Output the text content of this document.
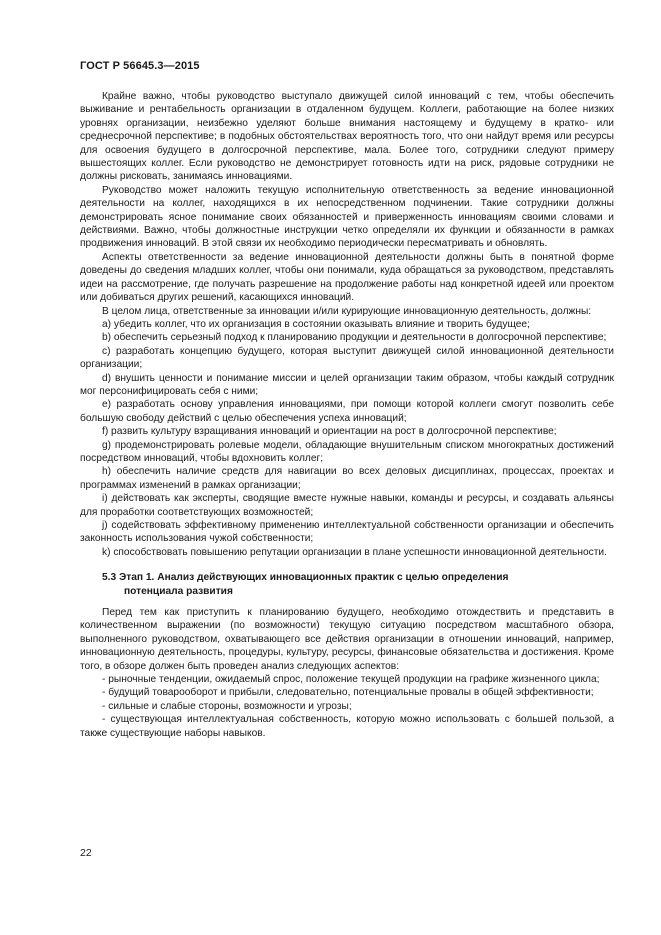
ГОСТ Р 56645.3—2015

Крайне важно, чтобы руководство выступало движущей силой инноваций с тем, чтобы обеспечить выживание и рентабельность организации в отдаленном будущем. Коллеги, работающие на более низких уровнях организации, неизбежно уделяют больше внимания настоящему и будущему в кратко- или среднесрочной перспективе; в подобных обстоятельствах вероятность того, что они найдут время или ресурсы для освоения будущего в долгосрочной перспективе, мала. Более того, сотрудники следуют примеру вышестоящих коллег. Если руководство не демонстрирует готовность идти на риск, рядовые сотрудники не должны рисковать, занимаясь инновациями.

Руководство может наложить текущую исполнительную ответственность за ведение инновационной деятельности на коллег, находящихся в их непосредственном подчинении. Такие сотрудники должны демонстрировать ясное понимание своих обязанностей и приверженность инновациям своими словами и действиями. Важно, чтобы должностные инструкции четко определяли их функции и обязанности в рамках продвижения инноваций. В этой связи их необходимо периодически пересматривать и обновлять.

Аспекты ответственности за ведение инновационной деятельности должны быть в понятной форме доведены до сведения младших коллег, чтобы они понимали, куда обращаться за руководством, представлять идеи на рассмотрение, где получать разрешение на продолжение работы над конкретной идеей или проектом или добиваться других решений, касающихся инноваций.

В целом лица, ответственные за инновации и/или курирующие инновационную деятельность, должны:

a) убедить коллег, что их организация в состоянии оказывать влияние и творить будущее;

b) обеспечить серьезный подход к планированию продукции и деятельности в долгосрочной перспективе;

c) разработать концепцию будущего, которая выступит движущей силой инновационной деятельности организации;

d) внушить ценности и понимание миссии и целей организации таким образом, чтобы каждый сотрудник мог персонифицировать себя с ними;

e) разработать основу управления инновациями, при помощи которой коллеги смогут позволить себе большую свободу действий с целью обеспечения успеха инноваций;

f) развить культуру взращивания инноваций и ориентации на рост в долгосрочной перспективе;

g) продемонстрировать ролевые модели, обладающие внушительным списком многократных достижений посредством инноваций, чтобы вдохновить коллег;

h) обеспечить наличие средств для навигации во всех деловых дисциплинах, процессах, проектах и программах изменений в рамках организации;

i) действовать как эксперты, сводящие вместе нужные навыки, команды и ресурсы, и создавать альянсы для проработки соответствующих возможностей;

j) содействовать эффективному применению интеллектуальной собственности организации и обеспечить законность использования чужой собственности;

k) способствовать повышению репутации организации в плане успешности инновационной деятельности.

5.3 Этап 1. Анализ действующих инновационных практик с целью определения
потенциала развития

Перед тем как приступить к планированию будущего, необходимо отождествить и представить в количественном выражении (по возможности) текущую ситуацию посредством масштабного обзора, выполненного руководством, охватывающего все действия организации в отношении инноваций, например, инновационную деятельность, процедуры, культуру, ресурсы, финансовые обязательства и достижения. Кроме того, в обзоре должен быть проведен анализ следующих аспектов:

- рыночные тенденции, ожидаемый спрос, положение текущей продукции на графике жизненного цикла;

- будущий товарооборот и прибыли, следовательно, потенциальные провалы в общей эффективности;

- сильные и слабые стороны, возможности и угрозы;

- существующая интеллектуальная собственность, которую можно использовать с большей пользой, а также существующие наборы навыков.

22
